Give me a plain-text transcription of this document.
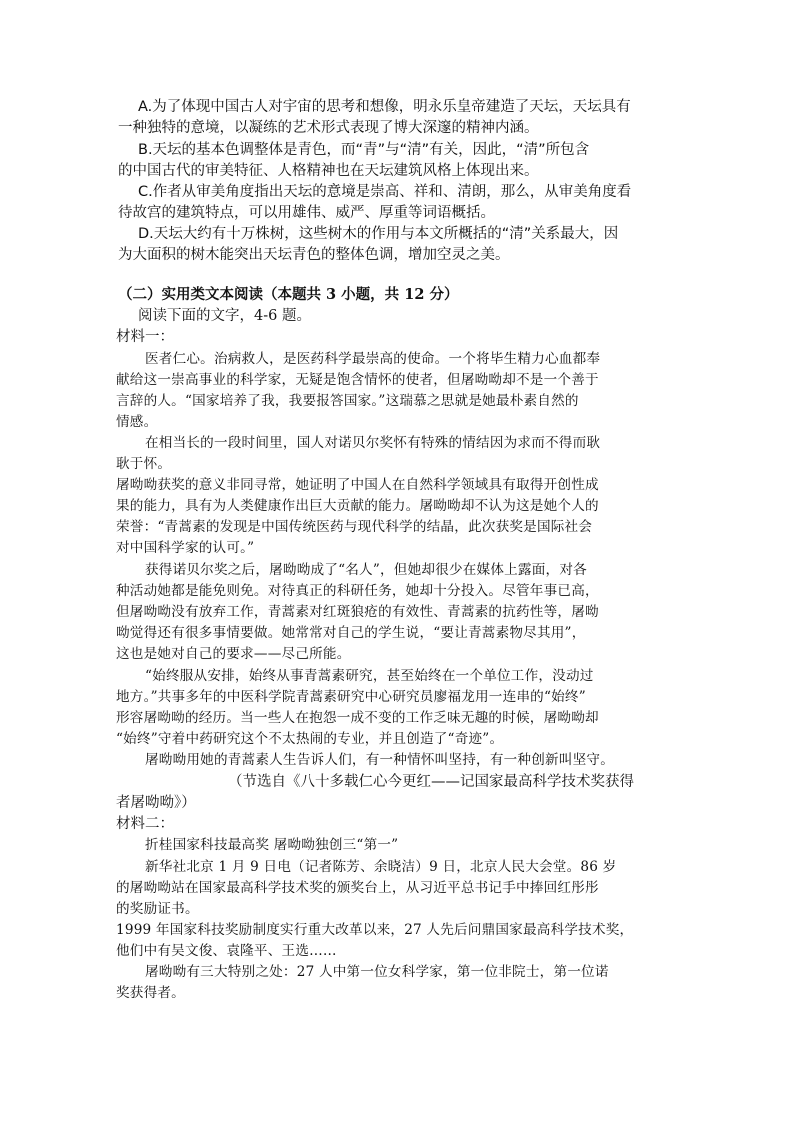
A.为了体现中国古人对宇宙的思考和想像，明永乐皇帝建造了天坛，天坛具有

一种独特的意境，以凝练的艺术形式表现了博大深邃的精神内涵。

B.天坛的基本色调整体是青色，而“青”与“清”有关，因此，“清”所包含

的中国古代的审美特征、人格精神也在天坛建筑风格上体现出来。

C.作者从审美角度指出天坛的意境是崇高、祥和、清朗，那么，从审美角度看

待故宫的建筑特点，可以用雄伟、威严、厚重等词语概括。

D.天坛大约有十万株树，这些树木的作用与本文所概括的“清”关系最大，因

为大面积的树木能突出天坛青色的整体色调，增加空灵之美。

（二）实用类文本阅读（本题共 3 小题，共 12 分）

阅读下面的文字，4-6 题。

材料一：

医者仁心。治病救人，是医药科学最崇高的使命。一个将毕生精力心血都奉

献给这一崇高事业的科学家，无疑是饱含情怀的使者，但屠呦呦却不是一个善于

言辞的人。“国家培养了我，我要报答国家。”这瑞慕之思就是她最朴素自然的

情感。

在相当长的一段时间里，国人对诺贝尔奖怀有特殊的情结因为求而不得而耿

耿于怀。

屠呦呦获奖的意义非同寻常，她证明了中国人在自然科学领域具有取得开创性成

果的能力，具有为人类健康作出巨大贡献的能力。屠呦呦却不认为这是她个人的

荣誉：“青蒿素的发现是中国传统医药与现代科学的结晶，此次获奖是国际社会

对中国科学家的认可。”

获得诺贝尔奖之后，屠呦呦成了“名人”，但她却很少在媒体上露面，对各

种活动她都是能免则免。对待真正的科研任务，她却十分投入。尽管年事已高，

但屠呦呦没有放弃工作，青蒿素对红斑狼疮的有效性、青蒿素的抗药性等，屠呦

呦觉得还有很多事情要做。她常常对自己的学生说，“要让青蒿素物尽其用”，

这也是她对自己的要求——尽己所能。

“始终服从安排，始终从事青蒿素研究，甚至始终在一个单位工作，没动过

地方。”共事多年的中医科学院青蒿素研究中心研究员廖福龙用一连串的“始终”

形容屠呦呦的经历。当一些人在抱怨一成不变的工作乏味无趣的时候，屠呦呦却

“始终”守着中药研究这个不太热闹的专业，并且创造了“奇迹”。

屠呦呦用她的青蒿素人生告诉人们，有一种情怀叫坚持，有一种创新叫坚守。

（节选自《八十多载仁心今更红——记国家最高科学技术奖获得

者屠呦呦》）

材料二：

折桂国家科技最高奖 屠呦呦独创三“第一”

新华社北京 1 月 9 日电（记者陈芳、余晓洁）9 日，北京人民大会堂。86 岁

的屠呦呦站在国家最高科学技术奖的颁奖台上，从习近平总书记手中捧回红彤彤

的奖励证书。

1999 年国家科技奖励制度实行重大改革以来，27 人先后问鼎国家最高科学技术奖，

他们中有吴文俊、袁隆平、王选……

屠呦呦有三大特别之处：27 人中第一位女科学家，第一位非院士，第一位诺

奖获得者。
